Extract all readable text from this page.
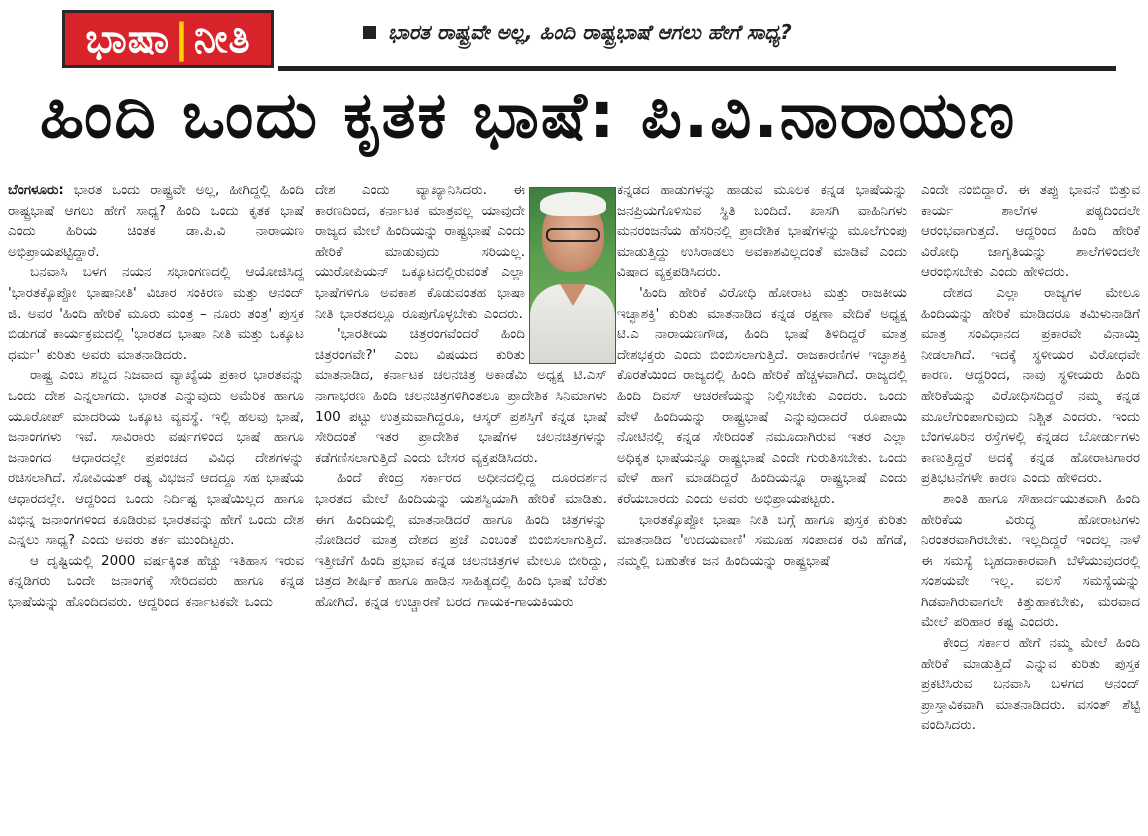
ಭಾಷಾ | ನೀತಿ	ಭಾರತ ರಾಷ್ಟ್ರವೇ ಅಲ್ಲ, ಹಿಂದಿ ರಾಷ್ಟ್ರಭಾಷೆ ಆಗಲು ಹೇಗೆ ಸಾಧ್ಯ?
ಹಿಂದಿ ಒಂದು ಕೃತಕ ಭಾಷೆ: ಪಿ.ವಿ.ನಾರಾಯಣ

ಬೆಂಗಳೂರು: ಭಾರತ ಒಂದು ರಾಷ್ಟ್ರವೇ ಅಲ್ಲ, ಹೀಗಿದ್ದಲ್ಲಿ ಹಿಂದಿ ರಾಷ್ಟ್ರಭಾಷೆ ಆಗಲು ಹೇಗೆ ಸಾಧ್ಯ? ಹಿಂದಿ ಒಂದು ಕೃತಕ ಭಾಷೆ ಎಂದು ಹಿರಿಯ ಚಿಂತಕ ಡಾ.ಪಿ.ವಿ ನಾರಾಯಣ ಅಭಿಪ್ರಾಯಪಟ್ಟಿದ್ದಾರೆ.

ಬನವಾಸಿ ಬಳಗ ನಯನ ಸಭಾಂಗಣದಲ್ಲಿ ಆಯೋಜಿಸಿದ್ದ 'ಭಾರತಕ್ಕೊಪ್ಪೋ ಭಾಷಾನೀತಿ' ವಿಚಾರ ಸಂಕಿರಣ ಮತ್ತು ಆನಂದ್ ಜಿ. ಅವರ 'ಹಿಂದಿ ಹೇರಿಕೆ ಮೂರು ಮಂತ್ರ – ನೂರು ತಂತ್ರ' ಪುಸ್ತಕ ಬಿಡುಗಡೆ ಕಾರ್ಯಕ್ರಮದಲ್ಲಿ 'ಭಾರತದ ಭಾಷಾ ನೀತಿ ಮತ್ತು ಒಕ್ಕೂಟ ಧರ್ಮ' ಕುರಿತು ಅವರು ಮಾತನಾಡಿದರು.

ರಾಷ್ಟ್ರ ಎಂಬ ಶಬ್ದದ ನಿಜವಾದ ವ್ಯಾಖ್ಯೆಯ ಪ್ರಕಾರ ಭಾರತವನ್ನು ಒಂದು ದೇಶ ಎನ್ನಲಾಗದು. ಭಾರತ ಎನ್ನುವುದು ಅಮೆರಿಕ ಹಾಗೂ ಯೂರೋಪ್ ಮಾದರಿಯ ಒಕ್ಕೂಟ ವ್ಯವಸ್ಥೆ. ಇಲ್ಲಿ ಹಲವು ಭಾಷೆ, ಜನಾಂಗಗಳು ಇವೆ. ಸಾವಿರಾರು ವರ್ಷಗಳಿಂದ ಭಾಷೆ ಹಾಗೂ ಜನಾಂಗದ ಆಧಾರದಲ್ಲೇ ಪ್ರಪಂಚದ ವಿವಿಧ ದೇಶಗಳನ್ನು ರಚಿಸಲಾಗಿದೆ. ಸೋವಿಯತ್ ರಷ್ಯ ವಿಭಜನೆ ಆದದ್ದೂ ಸಹ ಭಾಷೆಯ ಆಧಾರದಲ್ಲೇ. ಆದ್ದರಿಂದ ಒಂದು ನಿರ್ದಿಷ್ಟ ಭಾಷೆಯಿಲ್ಲದ ಹಾಗೂ ವಿಭಿನ್ನ ಜನಾಂಗಗಳಿಂದ ಕೂಡಿರುವ ಭಾರತವನ್ನು ಹೇಗೆ ಒಂದು ದೇಶ ಎನ್ನಲು ಸಾಧ್ಯ? ಎಂದು ಅವರು ತರ್ಕ ಮುಂದಿಟ್ಟರು.

ಆ ದೃಷ್ಟಿಯಲ್ಲಿ 2000 ವರ್ಷಕ್ಕಿಂತ ಹೆಚ್ಚು ಇತಿಹಾಸ ಇರುವ ಕನ್ನಡಿಗರು ಒಂದೇ ಜನಾಂಗಕ್ಕೆ ಸೇರಿದವರು ಹಾಗೂ ಕನ್ನಡ ಭಾಷೆಯನ್ನು ಹೊಂದಿದವರು. ಆದ್ದರಿಂದ ಕರ್ನಾಟಕವೇ ಒಂದು

ದೇಶ ಎಂದು ವ್ಯಾಖ್ಯಾನಿಸಿದರು. ಈ ಕಾರಣದಿಂದ, ಕರ್ನಾಟಕ ಮಾತ್ರವಲ್ಲ ಯಾವುದೇ ರಾಜ್ಯದ ಮೇಲೆ ಹಿಂದಿಯನ್ನು ರಾಷ್ಟ್ರಭಾಷೆ ಎಂದು ಹೇರಿಕೆ ಮಾಡುವುದು ಸರಿಯಲ್ಲ. ಯುರೋಪಿಯನ್ ಒಕ್ಕೂಟದಲ್ಲಿರುವಂತೆ ಎಲ್ಲಾ ಭಾಷೆಗಳಿಗೂ ಅವಕಾಶ ಕೊಡುವಂತಹ ಭಾಷಾ ನೀತಿ ಭಾರತದಲ್ಲೂ ರೂಪುಗೊಳ್ಳಬೇಕು ಎಂದರು.

'ಭಾರತೀಯ ಚಿತ್ರರಂಗವೆಂದರೆ ಹಿಂದಿ ಚಿತ್ರರಂಗವೇ?' ಎಂಬ ವಿಷಯದ ಕುರಿತು ಮಾತನಾಡಿದ, ಕರ್ನಾಟಕ ಚಲನಚಿತ್ರ ಅಕಾಡೆಮಿ ಅಧ್ಯಕ್ಷ ಟಿ.ಎಸ್ ನಾಗಾಭರಣ ಹಿಂದಿ ಚಲನಚಿತ್ರಗಳಿಗಿಂತಲೂ ಪ್ರಾದೇಶಿಕ ಸಿನಿಮಾಗಳು 100 ಪಟ್ಟು ಉತ್ತಮವಾಗಿದ್ದರೂ, ಆಸ್ಕರ್ ಪ್ರಶಸ್ತಿಗೆ ಕನ್ನಡ ಭಾಷೆ ಸೇರಿದಂತೆ ಇತರ ಪ್ರಾದೇಶಿಕ ಭಾಷೆಗಳ ಚಲನಚಿತ್ರಗಳನ್ನು ಕಡೆಗಣಿಸಲಾಗುತ್ತಿದೆ ಎಂದು ಬೇಸರ ವ್ಯಕ್ತಪಡಿಸಿದರು.

ಹಿಂದೆ ಕೇಂದ್ರ ಸರ್ಕಾರದ ಅಧೀನದಲ್ಲಿದ್ದ ದೂರದರ್ಶನ ಭಾರತದ ಮೇಲೆ ಹಿಂದಿಯನ್ನು ಯಶಸ್ವಿಯಾಗಿ ಹೇರಿಕೆ ಮಾಡಿತು. ಈಗ ಹಿಂದಿಯಲ್ಲಿ ಮಾತನಾಡಿದರೆ ಹಾಗೂ ಹಿಂದಿ ಚಿತ್ರಗಳನ್ನು ನೋಡಿದರೆ ಮಾತ್ರ ದೇಶದ ಪ್ರಜೆ ಎಂಬಂತೆ ಬಿಂಬಿಸಲಾಗುತ್ತಿದೆ. ಇತ್ತೀಚೆಗೆ ಹಿಂದಿ ಪ್ರಭಾವ ಕನ್ನಡ ಚಲನಚಿತ್ರಗಳ ಮೇಲೂ ಬೀರಿದ್ದು, ಚಿತ್ರದ ಶೀರ್ಷಿಕೆ ಹಾಗೂ ಹಾಡಿನ ಸಾಹಿತ್ಯದಲ್ಲಿ ಹಿಂದಿ ಭಾಷೆ ಬೆರೆತು ಹೋಗಿದೆ. ಕನ್ನಡ ಉಚ್ಚಾರಣೆ ಬರದ ಗಾಯಕ-ಗಾಯಕಿಯರು

ಕನ್ನಡದ ಹಾಡುಗಳನ್ನು ಹಾಡುವ ಮೂಲಕ ಕನ್ನಡ ಭಾಷೆಯನ್ನು ಜನಪ್ರಿಯಗೊಳಿಸುವ ಸ್ಥಿತಿ ಬಂದಿದೆ. ಖಾಸಗಿ ವಾಹಿನಿಗಳು ಮನರಂಜನೆಯ ಹೆಸರಿನಲ್ಲಿ ಪ್ರಾದೇಶಿಕ ಭಾಷೆಗಳನ್ನು ಮೂಲೆಗುಂಪು ಮಾಡುತ್ತಿದ್ದು ಉಸಿರಾಡಲು ಅವಕಾಶವಿಲ್ಲದಂತೆ ಮಾಡಿವೆ ಎಂದು ವಿಷಾದ ವ್ಯಕ್ತಪಡಿಸಿದರು.

'ಹಿಂದಿ ಹೇರಿಕೆ ವಿರೋಧಿ ಹೋರಾಟ ಮತ್ತು ರಾಜಕೀಯ ಇಚ್ಛಾಶಕ್ತಿ' ಕುರಿತು ಮಾತನಾಡಿದ ಕನ್ನಡ ರಕ್ಷಣಾ ವೇದಿಕೆ ಅಧ್ಯಕ್ಷ ಟಿ.ಎ ನಾರಾಯಣಗೌಡ, ಹಿಂದಿ ಭಾಷೆ ತಿಳಿದಿದ್ದರೆ ಮಾತ್ರ ದೇಶಭಕ್ತರು ಎಂದು ಬಿಂಬಿಸಲಾಗುತ್ತಿದೆ. ರಾಜಕಾರಣಿಗಳ ಇಚ್ಛಾಶಕ್ತಿ ಕೊರತೆಯಿಂದ ರಾಜ್ಯದಲ್ಲಿ ಹಿಂದಿ ಹೇರಿಕೆ ಹೆಚ್ಚಳವಾಗಿದೆ. ರಾಜ್ಯದಲ್ಲಿ ಹಿಂದಿ ದಿವಸ್ ಆಚರಣೆಯನ್ನು ನಿಲ್ಲಿಸಬೇಕು ಎಂದರು. ಒಂದು ವೇಳೆ ಹಿಂದಿಯನ್ನು ರಾಷ್ಟ್ರಭಾಷೆ ಎನ್ನುವುದಾದರೆ ರೂಪಾಯಿ ನೋಟಿನಲ್ಲಿ ಕನ್ನಡ ಸೇರಿದಂತೆ ನಮೂದಾಗಿರುವ ಇತರ ಎಲ್ಲಾ ಅಧಿಕೃತ ಭಾಷೆಯನ್ನೂ ರಾಷ್ಟ್ರಭಾಷೆ ಎಂದೇ ಗುರುತಿಸಬೇಕು. ಒಂದು ವೇಳೆ ಹಾಗೆ ಮಾಡದಿದ್ದರೆ ಹಿಂದಿಯನ್ನೂ ರಾಷ್ಟ್ರಭಾಷೆ ಎಂದು ಕರೆಯಬಾರದು ಎಂದು ಅವರು ಅಭಿಪ್ರಾಯಪಟ್ಟರು.

ಭಾರತಕ್ಕೊಪ್ಪೋ ಭಾಷಾ ನೀತಿ ಬಗ್ಗೆ ಹಾಗೂ ಪುಸ್ತಕ ಕುರಿತು ಮಾತನಾಡಿದ 'ಉದಯವಾಣಿ' ಸಮೂಹ ಸಂಪಾದಕ ರವಿ ಹೆಗಡೆ, ನಮ್ಮಲ್ಲಿ ಬಹುತೇಕ ಜನ ಹಿಂದಿಯನ್ನು ರಾಷ್ಟ್ರಭಾಷೆ

ಎಂದೇ ನಂಬಿದ್ದಾರೆ. ಈ ತಪ್ಪು ಭಾವನೆ ಬಿತ್ತುವ ಕಾರ್ಯ ಶಾಲೆಗಳ ಪಠ್ಯದಿಂದಲೇ ಆರಂಭವಾಗುತ್ತದೆ. ಆದ್ದರಿಂದ ಹಿಂದಿ ಹೇರಿಕೆ ವಿರೋಧಿ ಜಾಗೃತಿಯನ್ನು ಶಾಲೆಗಳಿಂದಲೇ ಆರಂಭಿಸಬೇಕು ಎಂದು ಹೇಳಿದರು.

ದೇಶದ ಎಲ್ಲಾ ರಾಜ್ಯಗಳ ಮೇಲೂ ಹಿಂದಿಯನ್ನು ಹೇರಿಕೆ ಮಾಡಿದರೂ ತಮಿಳುನಾಡಿಗೆ ಮಾತ್ರ ಸಂವಿಧಾನದ ಪ್ರಕಾರವೇ ವಿನಾಯ್ತಿ ನೀಡಲಾಗಿದೆ. ಇದಕ್ಕೆ ಸ್ಥಳೀಯರ ವಿರೋಧವೇ ಕಾರಣ. ಆದ್ದರಿಂದ, ನಾವು ಸ್ಥಳೀಯರು ಹಿಂದಿ ಹೇರಿಕೆಯನ್ನು ವಿರೋಧಿಸದಿದ್ದರೆ ನಮ್ಮ ಕನ್ನಡ ಮೂಲೆಗುಂಪಾಗುವುದು ನಿಶ್ಚಿತ ಎಂದರು. ಇಂದು ಬೆಂಗಳೂರಿನ ರಸ್ತೆಗಳಲ್ಲಿ ಕನ್ನಡದ ಬೋರ್ಡುಗಳು ಕಾಣುತ್ತಿದ್ದರೆ ಅದಕ್ಕೆ ಕನ್ನಡ ಹೋರಾಟಗಾರರ ಪ್ರತಿಭಟನೆಗಳೇ ಕಾರಣ ಎಂದು ಹೇಳಿದರು.

ಶಾಂತಿ ಹಾಗೂ ಸೌಹಾರ್ದಯುತವಾಗಿ ಹಿಂದಿ ಹೇರಿಕೆಯ ವಿರುದ್ಧ ಹೋರಾಟಗಳು ನಿರಂತರವಾಗಿರಬೇಕು. ಇಲ್ಲದಿದ್ದರೆ ಇಂದಲ್ಲ ನಾಳೆ ಈ ಸಮಸ್ಯೆ ಬೃಹದಾಕಾರವಾಗಿ ಬೆಳೆಯುವುದರಲ್ಲಿ ಸಂಶಯವೇ ಇಲ್ಲ. ವಲಸೆ ಸಮಸ್ಯೆಯನ್ನು ಗಿಡವಾಗಿರುವಾಗಲೇ ಕಿತ್ತುಹಾಕಬೇಕು, ಮರವಾದ ಮೇಲೆ ಪರಿಹಾರ ಕಷ್ಟ ಎಂದರು.

ಕೇಂದ್ರ ಸರ್ಕಾರ ಹೇಗೆ ನಮ್ಮ ಮೇಲೆ ಹಿಂದಿ ಹೇರಿಕೆ ಮಾಡುತ್ತಿದೆ ಎನ್ನುವ ಕುರಿತು ಪುಸ್ತಕ ಪ್ರಕಟಿಸಿರುವ ಬನವಾಸಿ ಬಳಗದ ಆನಂದ್ ಪ್ರಾಸ್ತಾವಿಕವಾಗಿ ಮಾತನಾಡಿದರು. ವಸಂತ್ ಶೆಟ್ಟಿ ವಂದಿಸಿದರು.
